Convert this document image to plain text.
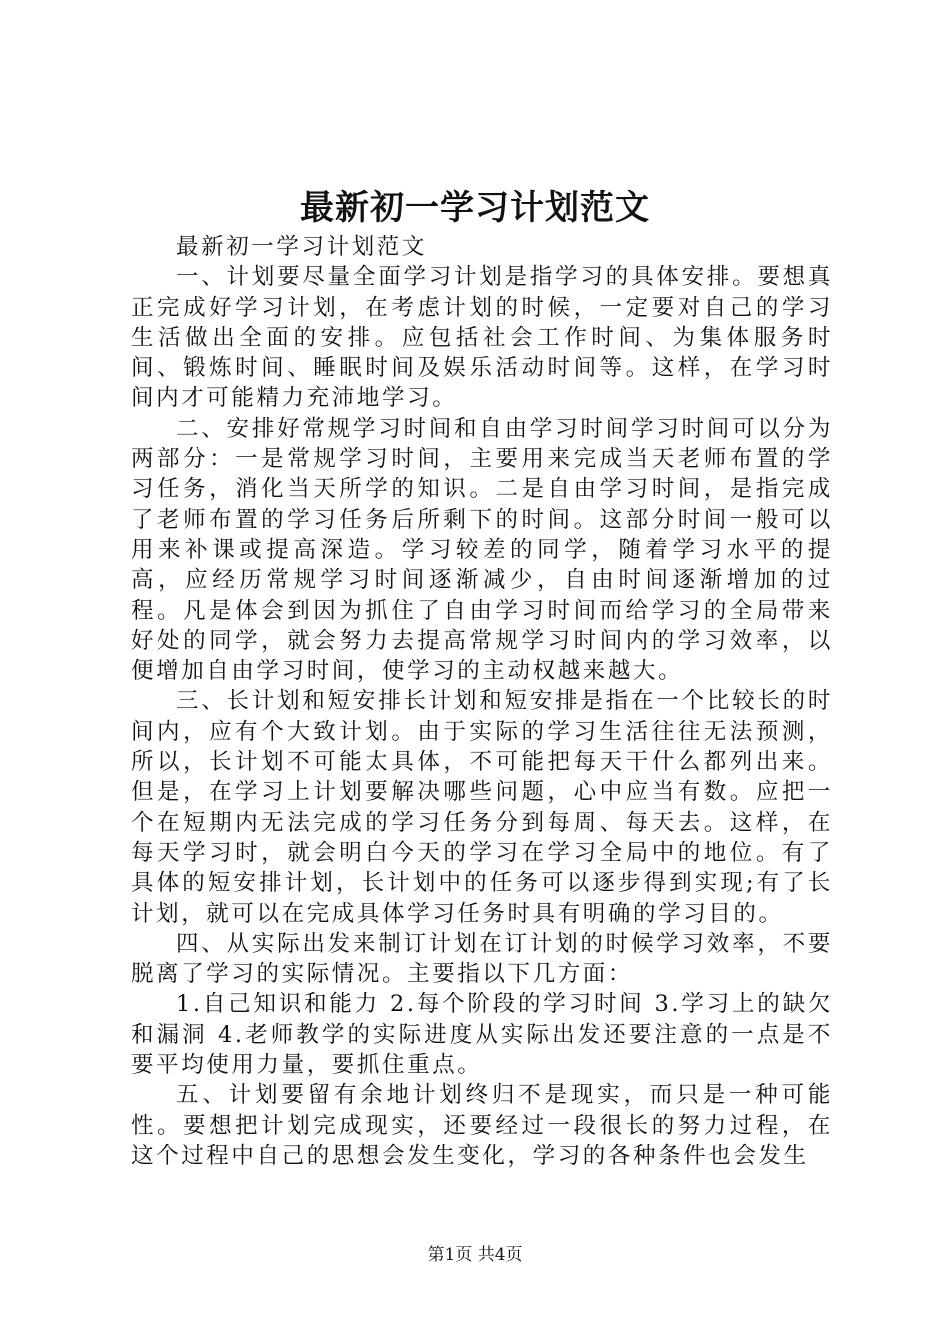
最新初一学习计划范文

最新初一学习计划范文

一、计划要尽量全面学习计划是指学习的具体安排。要想真正完成好学习计划，在考虑计划的时候，一定要对自己的学习生活做出全面的安排。应包括社会工作时间、为集体服务时间、锻炼时间、睡眠时间及娱乐活动时间等。这样，在学习时间内才可能精力充沛地学习。

二、安排好常规学习时间和自由学习时间学习时间可以分为两部分：一是常规学习时间，主要用来完成当天老师布置的学习任务，消化当天所学的知识。二是自由学习时间，是指完成了老师布置的学习任务后所剩下的时间。这部分时间一般可以用来补课或提高深造。学习较差的同学，随着学习水平的提高，应经历常规学习时间逐渐减少，自由时间逐渐增加的过程。凡是体会到因为抓住了自由学习时间而给学习的全局带来好处的同学，就会努力去提高常规学习时间内的学习效率，以便增加自由学习时间，使学习的主动权越来越大。

三、长计划和短安排长计划和短安排是指在一个比较长的时间内，应有个大致计划。由于实际的学习生活往往无法预测，所以，长计划不可能太具体，不可能把每天干什么都列出来。但是，在学习上计划要解决哪些问题，心中应当有数。应把一个在短期内无法完成的学习任务分到每周、每天去。这样，在每天学习时，就会明白今天的学习在学习全局中的地位。有了具体的短安排计划，长计划中的任务可以逐步得到实现;有了长计划，就可以在完成具体学习任务时具有明确的学习目的。

四、从实际出发来制订计划在订计划的时候学习效率，不要脱离了学习的实际情况。主要指以下几方面：

1.自己知识和能力 2.每个阶段的学习时间 3.学习上的缺欠和漏洞 4.老师教学的实际进度从实际出发还要注意的一点是不要平均使用力量，要抓住重点。

五、计划要留有余地计划终归不是现实，而只是一种可能性。要想把计划完成现实，还要经过一段很长的努力过程，在这个过程中自己的思想会发生变化，学习的各种条件也会发生

第1页 共4页
